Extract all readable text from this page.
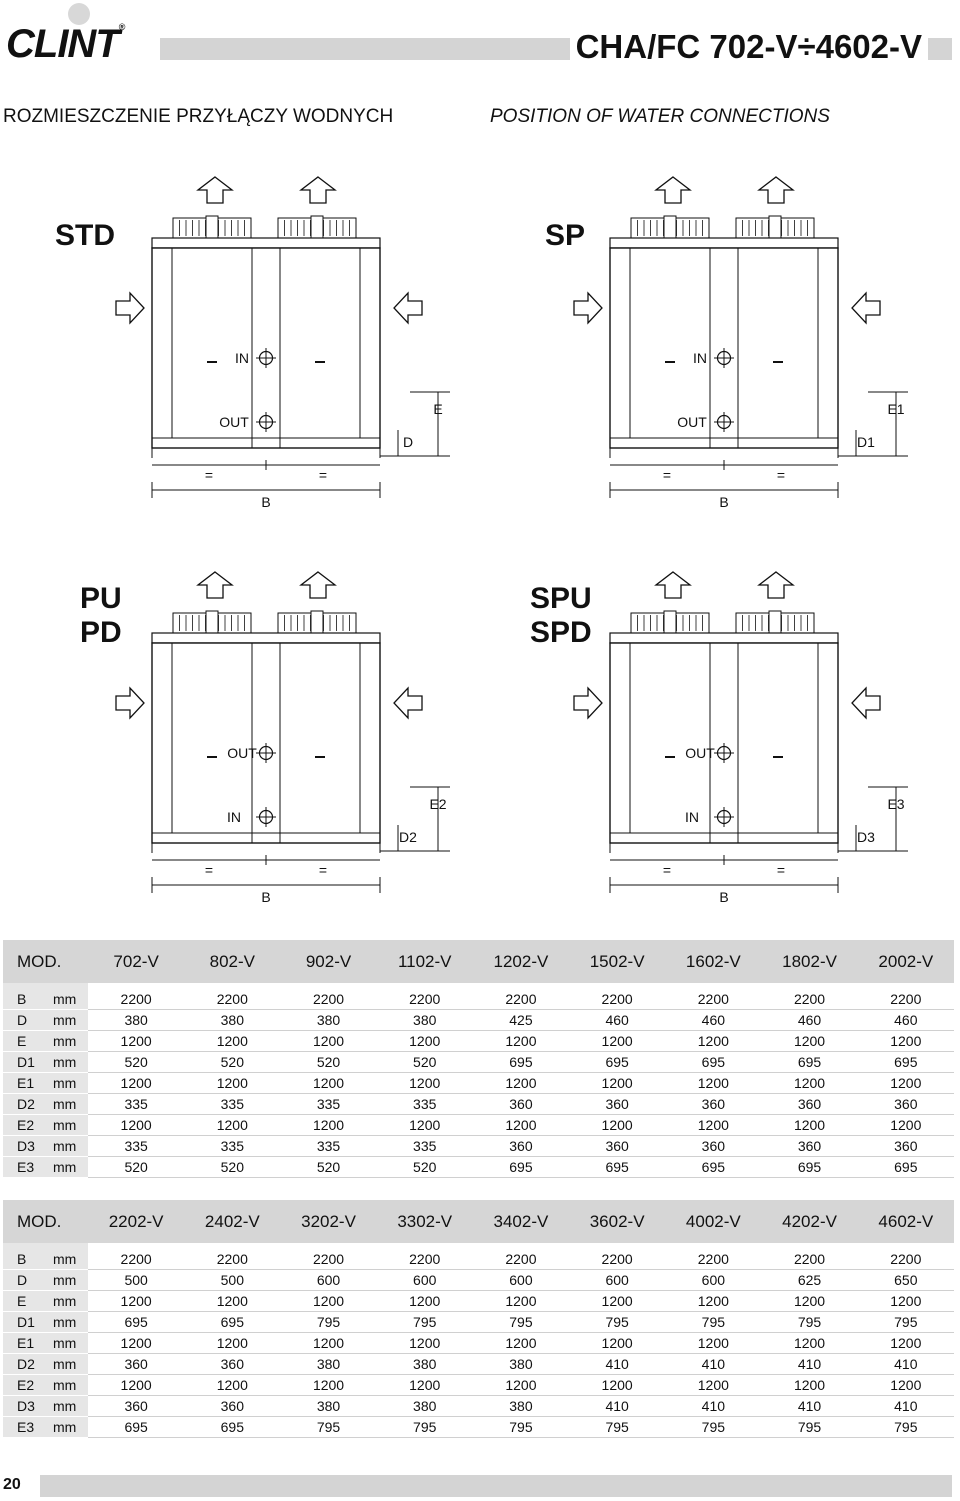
CLINT®
CHA/FC 702-V÷4602-V
ROZMIESZCZENIE PRZYŁĄCZY WODNYCH	POSITION OF WATER CONNECTIONS
IN
OUT
D
E
=	=
B
STD
IN
OUT
D1
E1
=	=
B
SP
OUT
IN
D2
E2
=	=
B
PU
PD
OUT
IN
D3
E3
=	=
B
SPU
SPD
MOD.		702-V	802-V	902-V	1102-V	1202-V	1502-V	1602-V	1802-V	2002-V
B	mm	2200	2200	2200	2200	2200	2200	2200	2200	2200
D	mm	380	380	380	380	425	460	460	460	460
E	mm	1200	1200	1200	1200	1200	1200	1200	1200	1200
D1	mm	520	520	520	520	695	695	695	695	695
E1	mm	1200	1200	1200	1200	1200	1200	1200	1200	1200
D2	mm	335	335	335	335	360	360	360	360	360
E2	mm	1200	1200	1200	1200	1200	1200	1200	1200	1200
D3	mm	335	335	335	335	360	360	360	360	360
E3	mm	520	520	520	520	695	695	695	695	695
MOD.		2202-V	2402-V	3202-V	3302-V	3402-V	3602-V	4002-V	4202-V	4602-V
B	mm	2200	2200	2200	2200	2200	2200	2200	2200	2200
D	mm	500	500	600	600	600	600	600	625	650
E	mm	1200	1200	1200	1200	1200	1200	1200	1200	1200
D1	mm	695	695	795	795	795	795	795	795	795
E1	mm	1200	1200	1200	1200	1200	1200	1200	1200	1200
D2	mm	360	360	380	380	380	410	410	410	410
E2	mm	1200	1200	1200	1200	1200	1200	1200	1200	1200
D3	mm	360	360	380	380	380	410	410	410	410
E3	mm	695	695	795	795	795	795	795	795	795
20
